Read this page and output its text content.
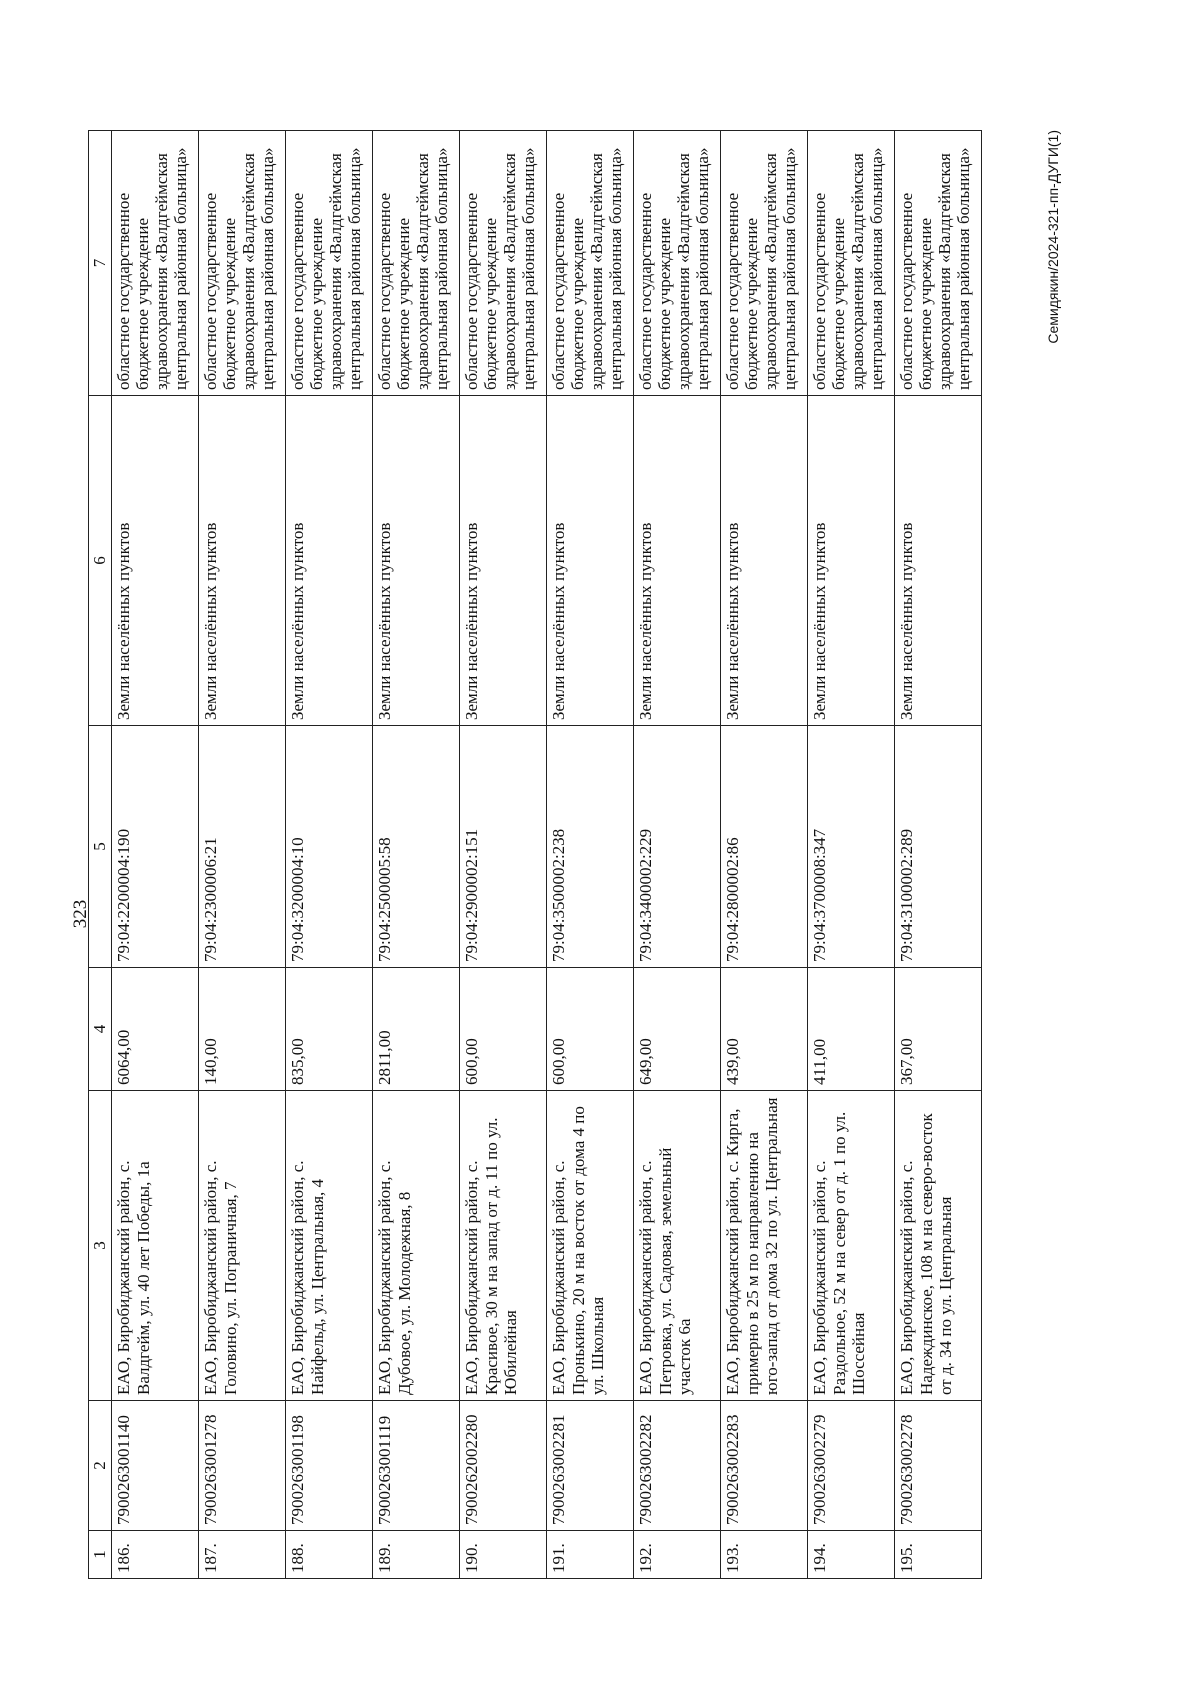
323
1	2	3	4	5	6	7
186.	7900263001140	ЕАО, Биробиджанский район, с. Валдгейм, ул. 40 лет Победы, 1а	6064,00	79:04:2200004:190	Земли населённых пунктов	областное государственное бюджетное учреждение здравоохранения «Валдгеймская центральная районная больница»
187.	7900263001278	ЕАО, Биробиджанский район, с. Головино, ул. Пограничная, 7	140,00	79:04:2300006:21	Земли населённых пунктов	областное государственное бюджетное учреждение здравоохранения «Валдгеймская центральная районная больница»
188.	7900263001198	ЕАО, Биробиджанский район, с. Найфельд, ул. Центральная, 4	835,00	79:04:3200004:10	Земли населённых пунктов	областное государственное бюджетное учреждение здравоохранения «Валдгеймская центральная районная больница»
189.	7900263001119	ЕАО, Биробиджанский район, с. Дубовое, ул. Молодежная, 8	2811,00	79:04:2500005:58	Земли населённых пунктов	областное государственное бюджетное учреждение здравоохранения «Валдгеймская центральная районная больница»
190.	7900262002280	ЕАО, Биробиджанский район, с. Красивое, 30 м на запад от д. 11 по ул. Юбилейная	600,00	79:04:2900002:151	Земли населённых пунктов	областное государственное бюджетное учреждение здравоохранения «Валдгеймская центральная районная больница»
191.	7900263002281	ЕАО, Биробиджанский район, с. Пронькино, 20 м на восток от дома 4 по ул. Школьная	600,00	79:04:3500002:238	Земли населённых пунктов	областное государственное бюджетное учреждение здравоохранения «Валдгеймская центральная районная больница»
192.	7900263002282	ЕАО, Биробиджанский район, с. Петровка, ул. Садовая, земельный участок 6а	649,00	79:04:3400002:229	Земли населённых пунктов	областное государственное бюджетное учреждение здравоохранения «Валдгеймская центральная районная больница»
193.	7900263002283	ЕАО, Биробиджанский район, с. Кирга, примерно в 25 м по направлению на юго-запад от дома 32 по ул. Центральная	439,00	79:04:2800002:86	Земли населённых пунктов	областное государственное бюджетное учреждение здравоохранения «Валдгеймская центральная районная больница»
194.	7900263002279	ЕАО, Биробиджанский район, с. Раздольное, 52 м на север от д. 1 по ул. Шоссейная	411,00	79:04:3700008:347	Земли населённых пунктов	областное государственное бюджетное учреждение здравоохранения «Валдгеймская центральная районная больница»
195.	7900263002278	ЕАО, Биробиджанский район, с. Надеждинское, 108 м на северо-восток от д. 34 по ул. Центральная	367,00	79:04:3100002:289	Земли населённых пунктов	областное государственное бюджетное учреждение здравоохранения «Валдгеймская центральная районная больница»	Семидякин/2024-321-пп-ДУГИ(1)
